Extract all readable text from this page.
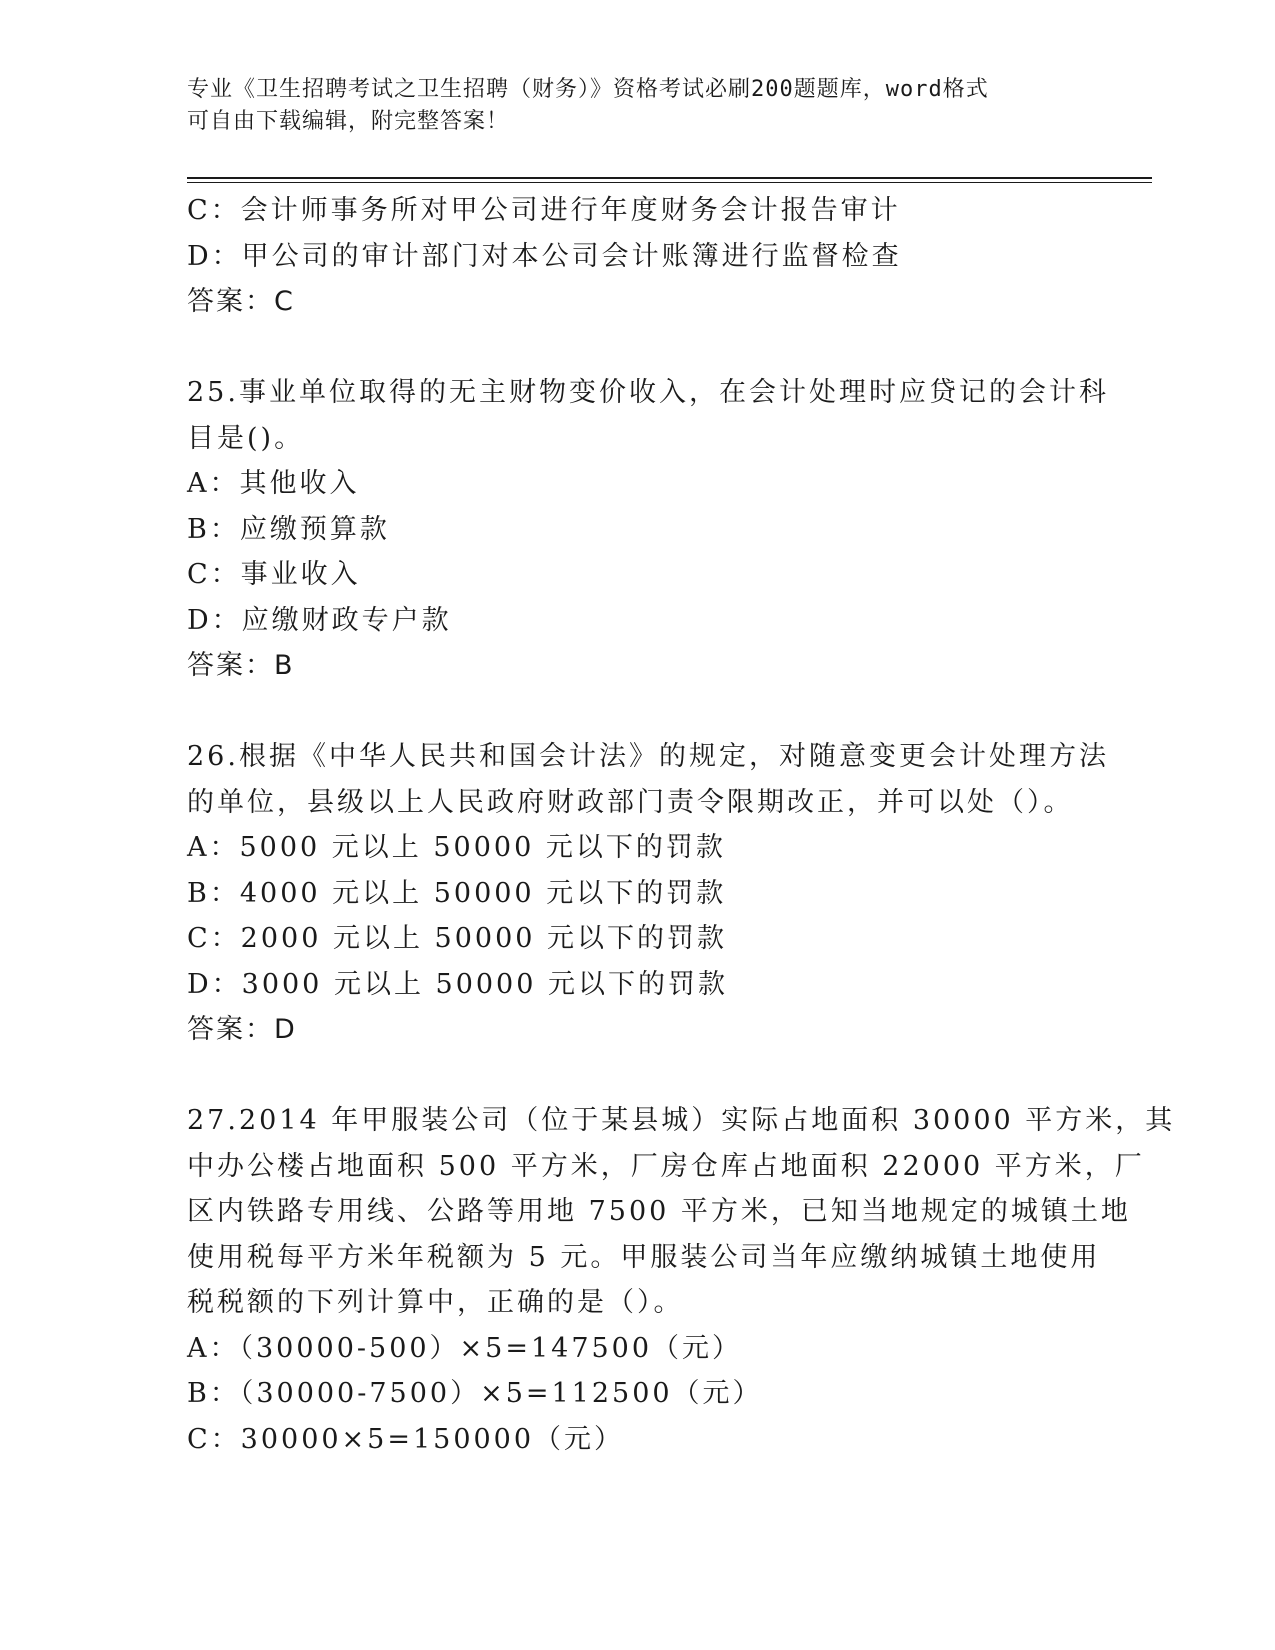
专业《卫生招聘考试之卫生招聘（财务）》资格考试必刷200题题库，word格式
可自由下载编辑，附完整答案！
C：会计师事务所对甲公司进行年度财务会计报告审计
D：甲公司的审计部门对本公司会计账簿进行监督检查
答案：C
25.事业单位取得的无主财物变价收入，在会计处理时应贷记的会计科
目是()。
A：其他收入
B：应缴预算款
C：事业收入
D：应缴财政专户款
答案：B
26.根据《中华人民共和国会计法》的规定，对随意变更会计处理方法
的单位，县级以上人民政府财政部门责令限期改正，并可以处（）。
A：5000 元以上 50000 元以下的罚款
B：4000 元以上 50000 元以下的罚款
C：2000 元以上 50000 元以下的罚款
D：3000 元以上 50000 元以下的罚款
答案：D
27.2014 年甲服装公司（位于某县城）实际占地面积 30000 平方米，其
中办公楼占地面积 500 平方米，厂房仓库占地面积 22000 平方米，厂
区内铁路专用线、公路等用地 7500 平方米，已知当地规定的城镇土地
使用税每平方米年税额为 5 元。甲服装公司当年应缴纳城镇土地使用
税税额的下列计算中，正确的是（）。
A：（30000-500）×5=147500（元）
B：（30000-7500）×5=112500（元）
C：30000×5=150000（元）
